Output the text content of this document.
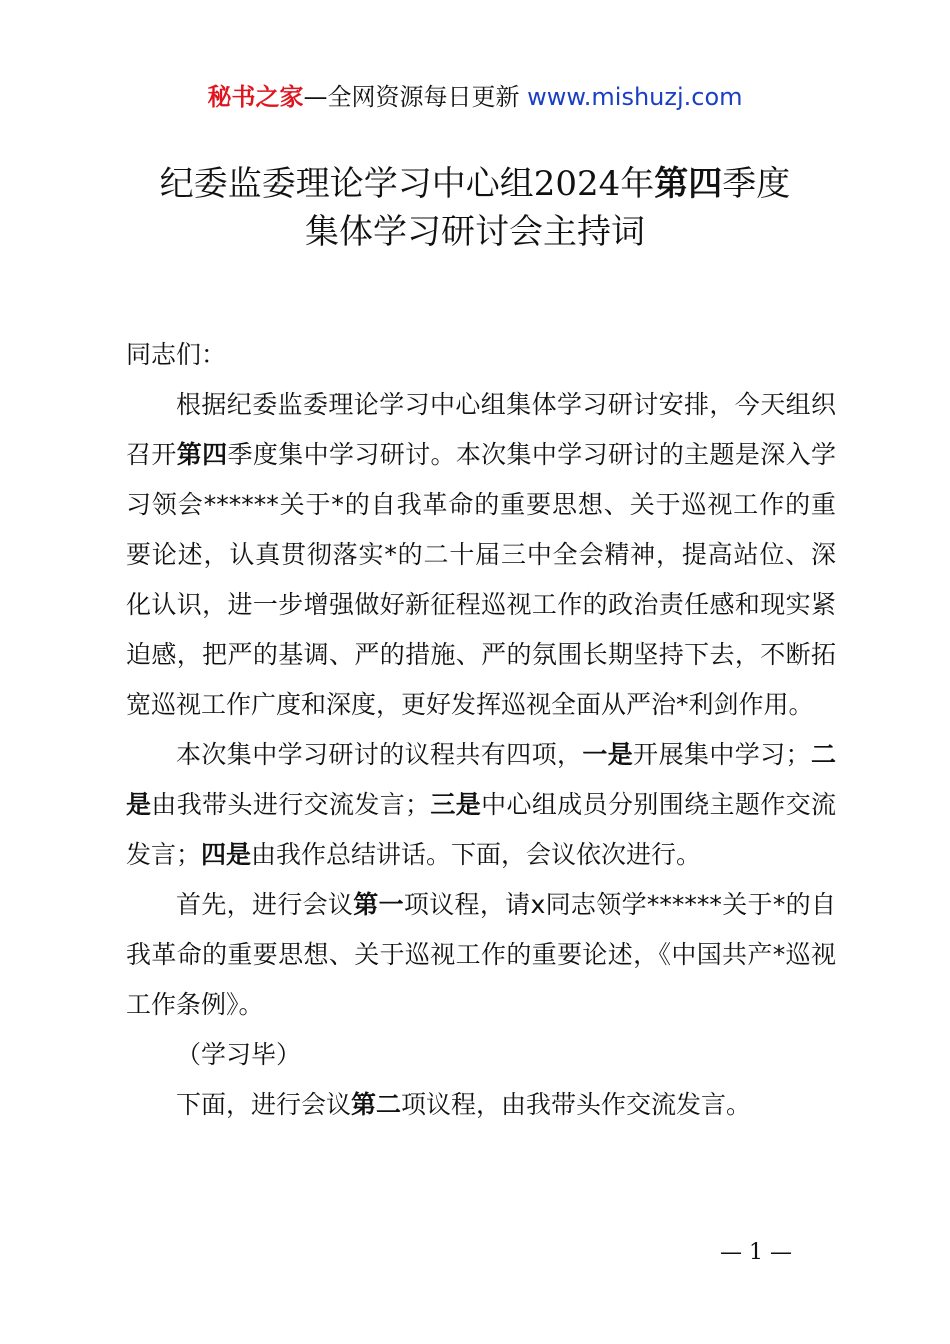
秘书之家—全网资源每日更新 www.mishuzj.com
纪委监委理论学习中心组2024年第四季度
集体学习研讨会主持词

同志们：

根据纪委监委理论学习中心组集体学习研讨安排，今天组织召开第四季度集中学习研讨。本次集中学习研讨的主题是深入学习领会******关于*的自我革命的重要思想、关于巡视工作的重要论述，认真贯彻落实*的二十届三中全会精神，提高站位、深化认识，进一步增强做好新征程巡视工作的政治责任感和现实紧迫感，把严的基调、严的措施、严的氛围长期坚持下去，不断拓宽巡视工作广度和深度，更好发挥巡视全面从严治*利剑作用。

本次集中学习研讨的议程共有四项，一是开展集中学习；二是由我带头进行交流发言；三是中心组成员分别围绕主题作交流发言；四是由我作总结讲话。下面，会议依次进行。

首先，进行会议第一项议程，请x同志领学******关于*的自我革命的重要思想、关于巡视工作的重要论述，《中国共产*巡视工作条例》。

（学习毕）

下面，进行会议第二项议程，由我带头作交流发言。

— 1 —
